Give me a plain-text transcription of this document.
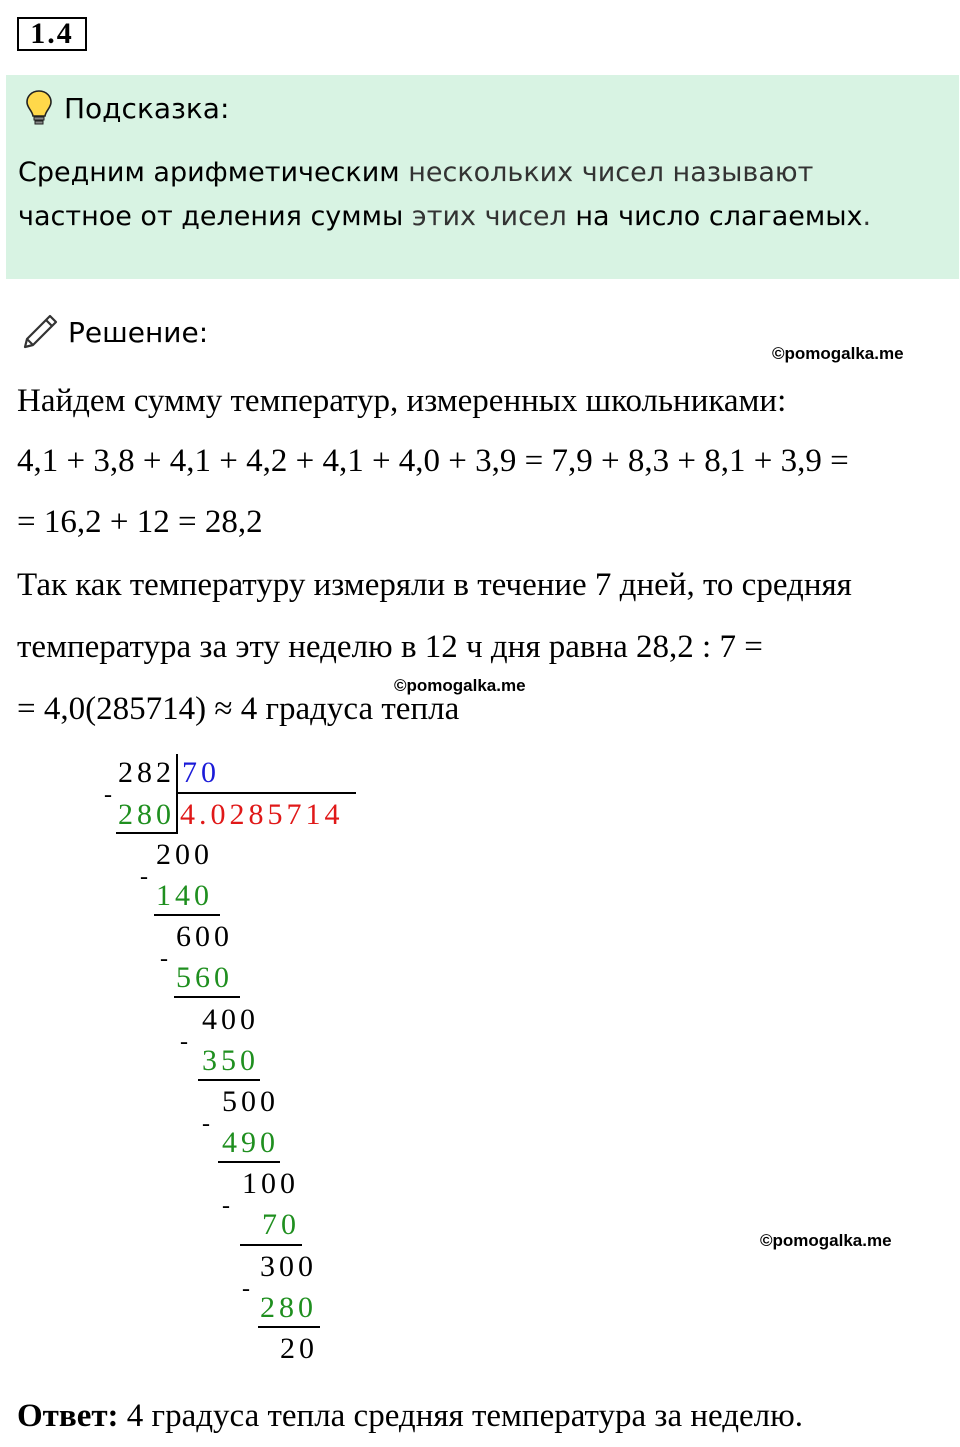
1.4
Подсказка:
Средним арифметическим нескольких чисел называют
частное от деления суммы этих чисел на число слагаемых.
Решение:
©pomogalka.me
Найдем сумму температур, измеренных школьниками:
4,1 + 3,8 + 4,1 + 4,2 + 4,1 + 4,0 + 3,9 = 7,9 + 8,3 + 8,1 + 3,9 =
= 16,2 + 12 = 28,2
Так как температуру измеряли в течение 7 дней, то средняя
температура за эту неделю в 12 ч дня равна 28,2 : 7 =
= 4,0(285714) ≈ 4 градуса тепла
©pomogalka.me
282 70
-
280 4.0285714
200
-
140
600
-
560
400
-
350
500
-
490
100
-
70
300
-
280
20
©pomogalka.me
Ответ: 4 градуса тепла средняя температура за неделю.
